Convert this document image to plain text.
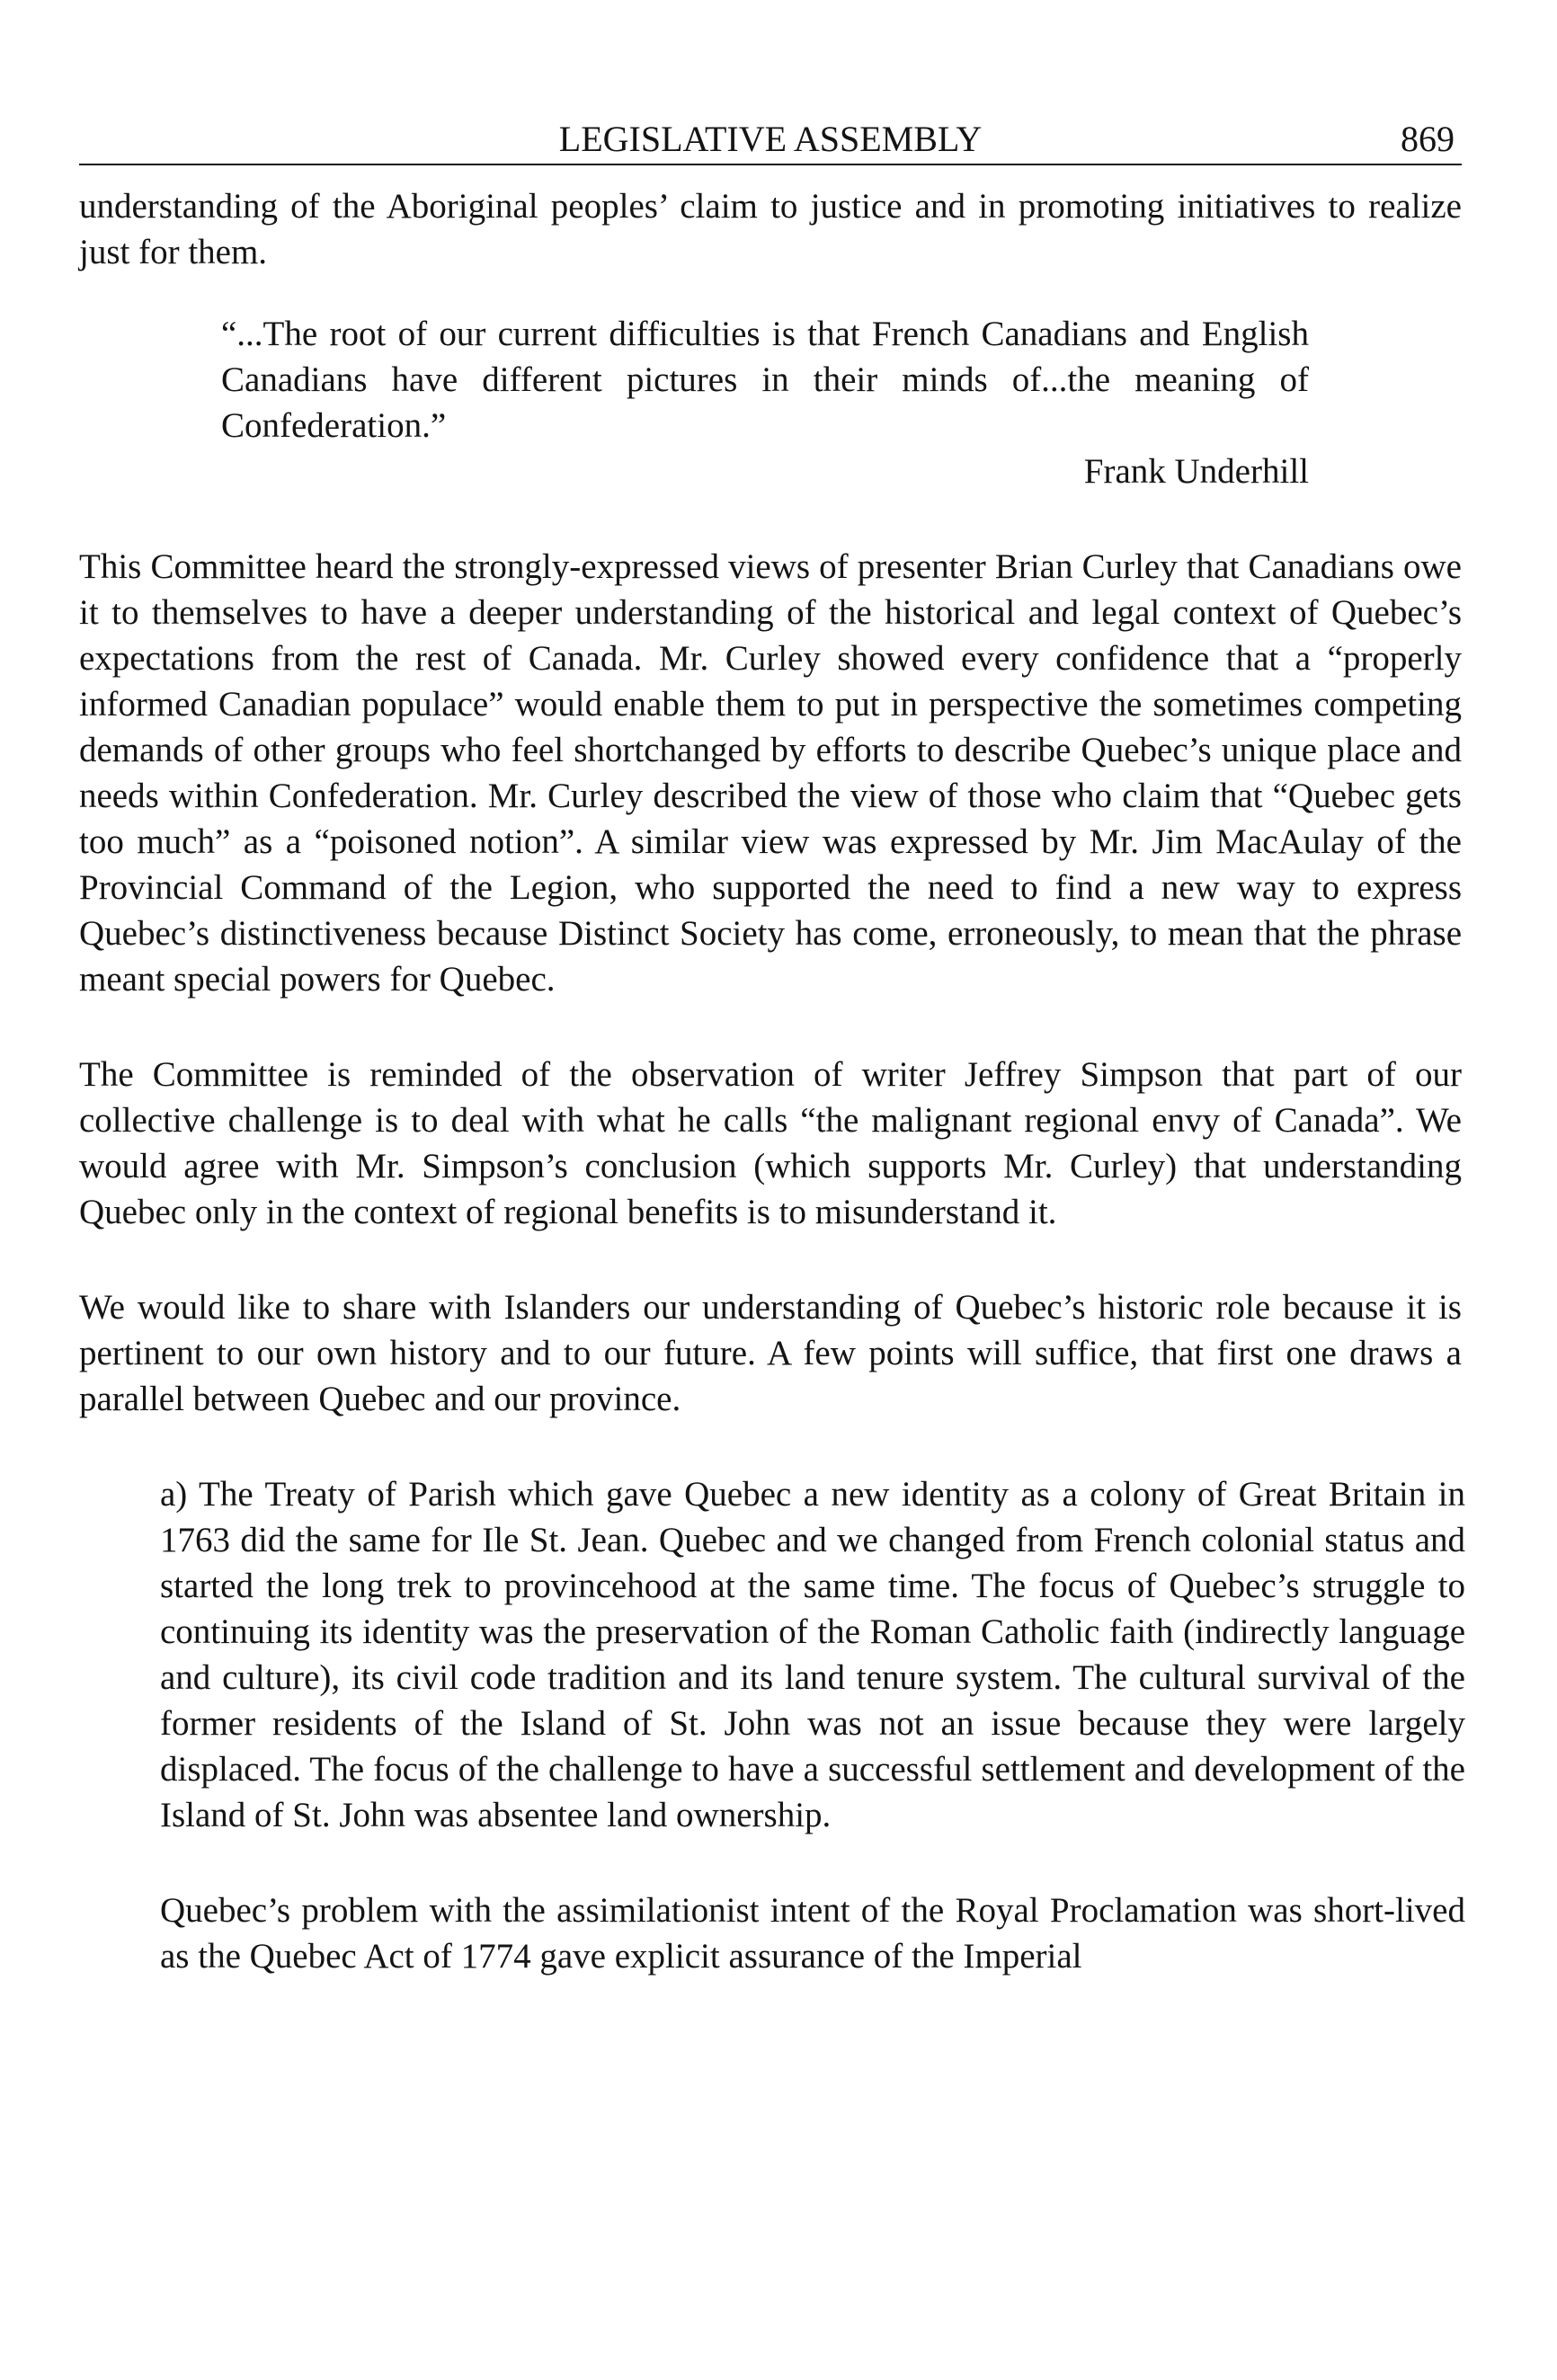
LEGISLATIVE ASSEMBLY	869

understanding of the Aboriginal peoples’ claim to justice and in promoting initiatives to realize just for them.

“...The root of our current difficulties is that French Canadians and English Canadians have different pictures in their minds of...the meaning of Confederation.”

Frank Underhill

This Committee heard the strongly-expressed views of presenter Brian Curley that Canadians owe it to themselves to have a deeper understanding of the historical and legal context of Quebec’s expectations from the rest of Canada. Mr. Curley showed every confidence that a “properly informed Canadian populace” would enable them to put in perspective the sometimes competing demands of other groups who feel shortchanged by efforts to describe Quebec’s unique place and needs within Confederation. Mr. Curley described the view of those who claim that “Quebec gets too much” as a “poisoned notion”. A similar view was expressed by Mr. Jim MacAulay of the Provincial Command of the Legion, who supported the need to find a new way to express Quebec’s distinctiveness because Distinct Society has come, erroneously, to mean that the phrase meant special powers for Quebec.

The Committee is reminded of the observation of writer Jeffrey Simpson that part of our collective challenge is to deal with what he calls “the malignant regional envy of Canada”. We would agree with Mr. Simpson’s conclusion (which supports Mr. Curley) that understanding Quebec only in the context of regional benefits is to misunderstand it.

We would like to share with Islanders our understanding of Quebec’s historic role because it is pertinent to our own history and to our future. A few points will suffice, that first one draws a parallel between Quebec and our province.

a) The Treaty of Parish which gave Quebec a new identity as a colony of Great Britain in 1763 did the same for Ile St. Jean. Quebec and we changed from French colonial status and started the long trek to provincehood at the same time. The focus of Quebec’s struggle to continuing its identity was the preservation of the Roman Catholic faith (indirectly language and culture), its civil code tradition and its land tenure system. The cultural survival of the former residents of the Island of St. John was not an issue because they were largely displaced. The focus of the challenge to have a successful settlement and development of the Island of St. John was absentee land ownership.

Quebec’s problem with the assimilationist intent of the Royal Proclamation was short-lived as the Quebec Act of 1774 gave explicit assurance of the Imperial
